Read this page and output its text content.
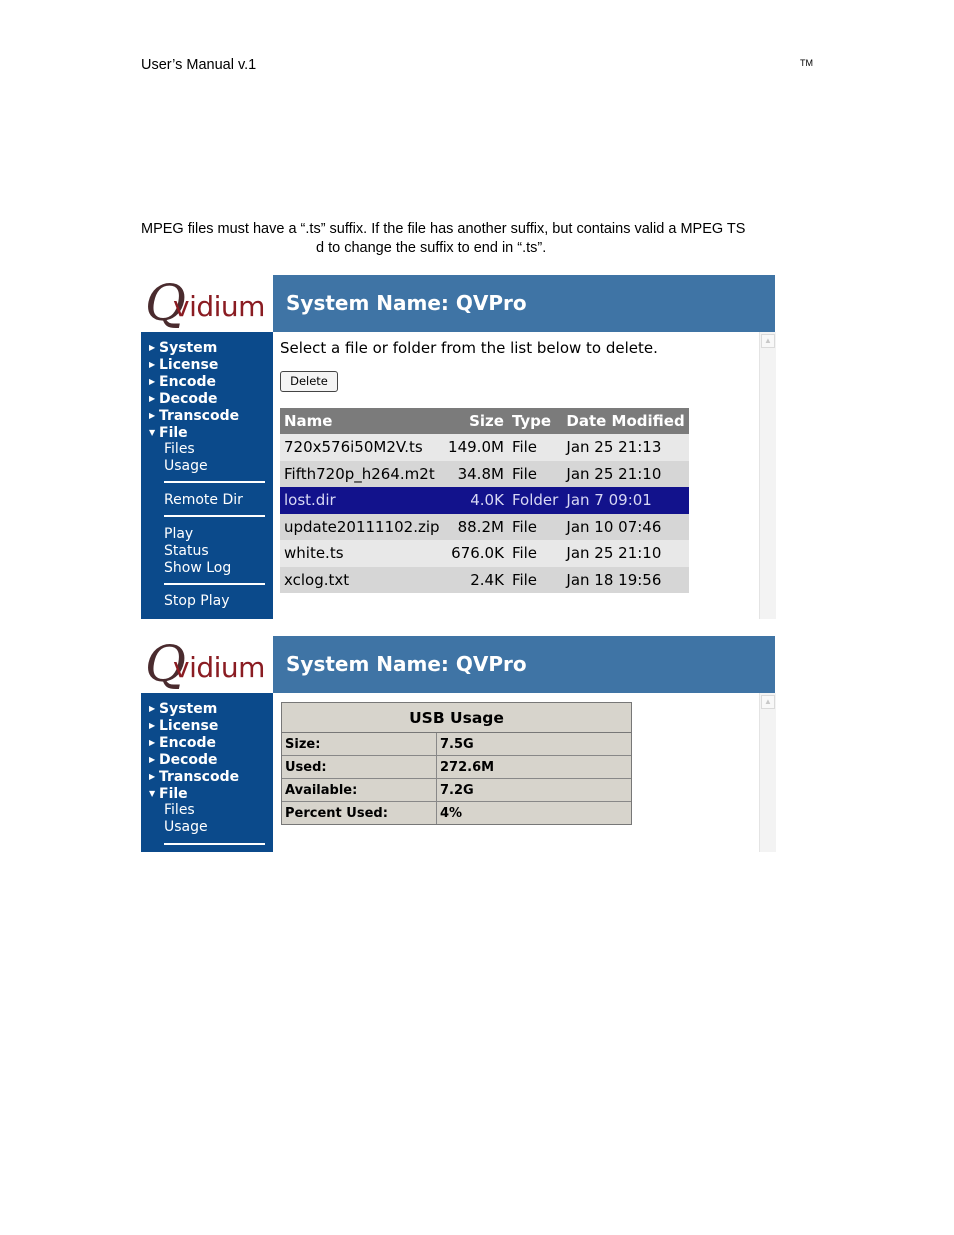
User’s Manual v.1	TM
MPEG files must have a “.ts” suffix. If the file has another suffix, but contains valid a MPEG TS
d to change the suffix to end in “.ts”.
Q
vidium System Name: QVPro
▶ System
▶ License
▶ Encode
▶ Decode
▶ Transcode
▼ File
Files
Usage
Remote Dir
Play
Status
Show Log
Stop Play
Select a file or folder from the list below to delete.
Delete
Name	Size	Type	Date Modified
720x576i50M2V.ts	149.0M	File	Jan 25 21:13
Fifth720p_h264.m2t	34.8M	File	Jan 25 21:10
lost.dir	4.0K	Folder	Jan 7 09:01
update20111102.zip	88.2M	File	Jan 10 07:46
white.ts	676.0K	File	Jan 25 21:10
xclog.txt	2.4K	File	Jan 18 19:56
▲
Q
vidium System Name: QVPro
▶ System
▶ License
▶ Encode
▶ Decode
▶ Transcode
▼ File
Files
Usage
USB Usage	
Size:	7.5G
Used:	272.6M
Available:	7.2G
Percent Used:	4%
▲
